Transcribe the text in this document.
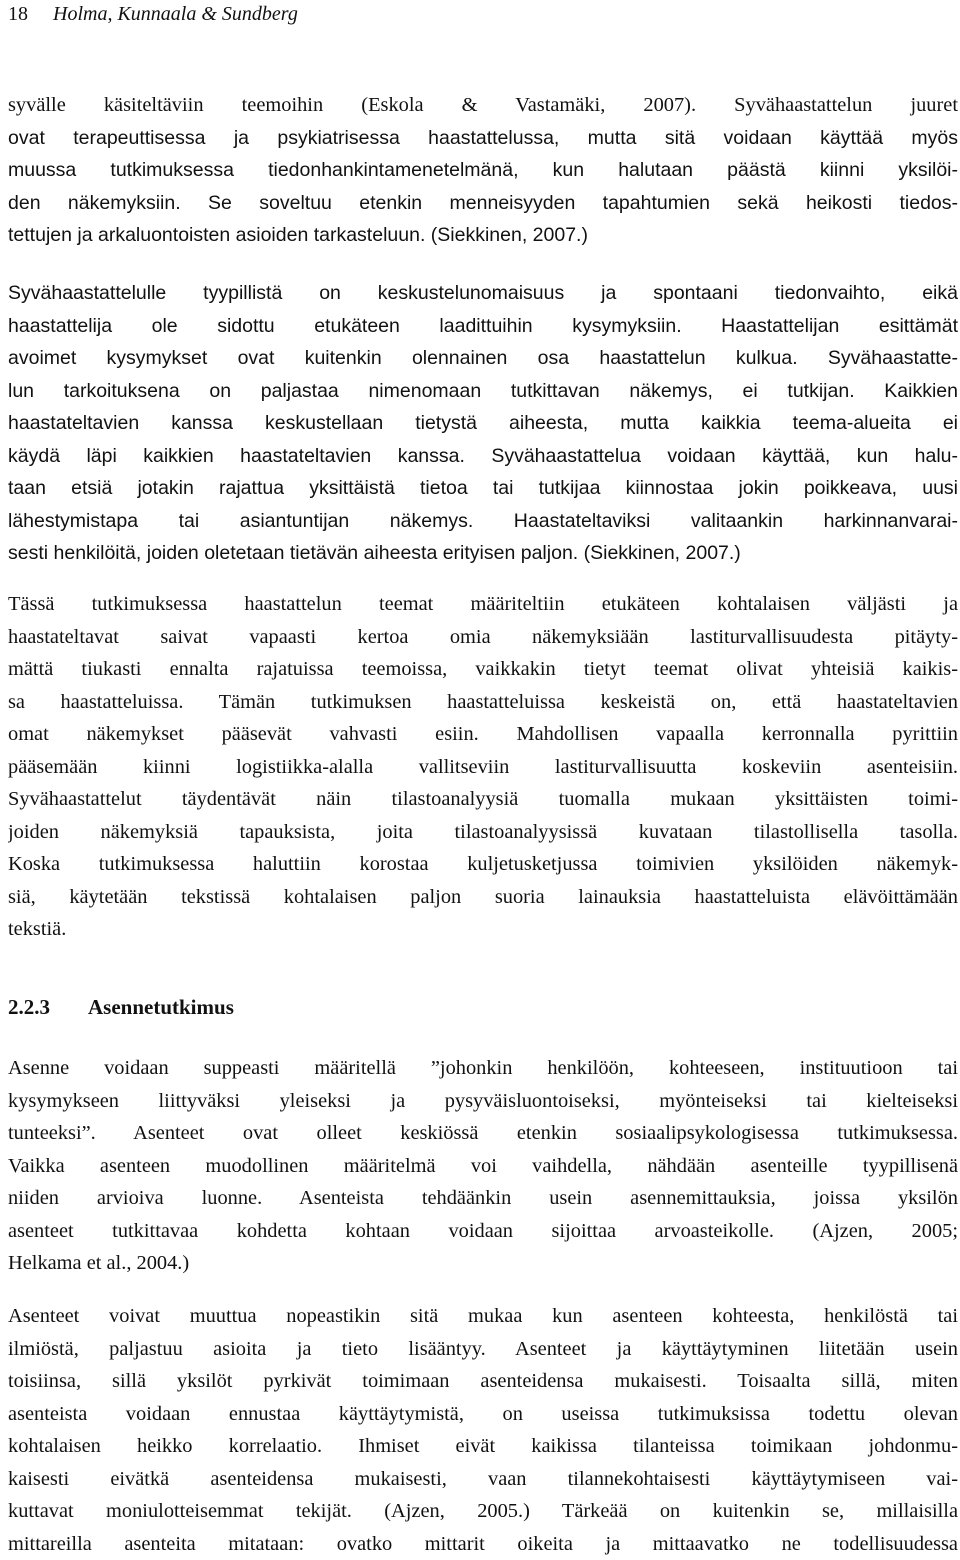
18 Holma, Kunnaala & Sundberg
syvälle käsiteltäviin teemoihin (Eskola & Vastamäki, 2007). Syvähaastattelun juuret
ovat terapeuttisessa ja psykiatrisessa haastattelussa, mutta sitä voidaan käyttää myös
muussa tutkimuksessa tiedonhankintamenetelmänä, kun halutaan päästä kiinni yksilöi-
den näkemyksiin. Se soveltuu etenkin menneisyyden tapahtumien sekä heikosti tiedos-
tettujen ja arkaluontoisten asioiden tarkasteluun. (Siekkinen, 2007.)
Syvähaastattelulle tyypillistä on keskustelunomaisuus ja spontaani tiedonvaihto, eikä
haastattelija ole sidottu etukäteen laadittuihin kysymyksiin. Haastattelijan esittämät
avoimet kysymykset ovat kuitenkin olennainen osa haastattelun kulkua. Syvähaastatte-
lun tarkoituksena on paljastaa nimenomaan tutkittavan näkemys, ei tutkijan. Kaikkien
haastateltavien kanssa keskustellaan tietystä aiheesta, mutta kaikkia teema-alueita ei
käydä läpi kaikkien haastateltavien kanssa. Syvähaastattelua voidaan käyttää, kun halu-
taan etsiä jotakin rajattua yksittäistä tietoa tai tutkijaa kiinnostaa jokin poikkeava, uusi
lähestymistapa tai asiantuntijan näkemys. Haastateltaviksi valitaankin harkinnanvarai-
sesti henkilöitä, joiden oletetaan tietävän aiheesta erityisen paljon. (Siekkinen, 2007.)
Tässä tutkimuksessa haastattelun teemat määriteltiin etukäteen kohtalaisen väljästi ja
haastateltavat saivat vapaasti kertoa omia näkemyksiään lastiturvallisuudesta pitäyty-
mättä tiukasti ennalta rajatuissa teemoissa, vaikkakin tietyt teemat olivat yhteisiä kaikis-
sa haastatteluissa. Tämän tutkimuksen haastatteluissa keskeistä on, että haastateltavien
omat näkemykset pääsevät vahvasti esiin. Mahdollisen vapaalla kerronnalla pyrittiin
pääsemään kiinni logistiikka-alalla vallitseviin lastiturvallisuutta koskeviin asenteisiin.
Syvähaastattelut täydentävät näin tilastoanalyysiä tuomalla mukaan yksittäisten toimi-
joiden näkemyksiä tapauksista, joita tilastoanalyysissä kuvataan tilastollisella tasolla.
Koska tutkimuksessa haluttiin korostaa kuljetusketjussa toimivien yksilöiden näkemyk-
siä, käytetään tekstissä kohtalaisen paljon suoria lainauksia haastatteluista elävöittämään
tekstiä.
2.2.3 Asennetutkimus
Asenne voidaan suppeasti määritellä ”johonkin henkilöön, kohteeseen, instituutioon tai
kysymykseen liittyväksi yleiseksi ja pysyväisluontoiseksi, myönteiseksi tai kielteiseksi
tunteeksi”. Asenteet ovat olleet keskiössä etenkin sosiaalipsykologisessa tutkimuksessa.
Vaikka asenteen muodollinen määritelmä voi vaihdella, nähdään asenteille tyypillisenä
niiden arvioiva luonne. Asenteista tehdäänkin usein asennemittauksia, joissa yksilön
asenteet tutkittavaa kohdetta kohtaan voidaan sijoittaa arvoasteikolle. (Ajzen, 2005;
Helkama et al., 2004.)
Asenteet voivat muuttua nopeastikin sitä mukaa kun asenteen kohteesta, henkilöstä tai
ilmiöstä, paljastuu asioita ja tieto lisääntyy. Asenteet ja käyttäytyminen liitetään usein
toisiinsa, sillä yksilöt pyrkivät toimimaan asenteidensa mukaisesti. Toisaalta sillä, miten
asenteista voidaan ennustaa käyttäytymistä, on useissa tutkimuksissa todettu olevan
kohtalaisen heikko korrelaatio. Ihmiset eivät kaikissa tilanteissa toimikaan johdonmu-
kaisesti eivätkä asenteidensa mukaisesti, vaan tilannekohtaisesti käyttäytymiseen vai-
kuttavat moniulotteisemmat tekijät. (Ajzen, 2005.) Tärkeää on kuitenkin se, millaisilla
mittareilla asenteita mitataan: ovatko mittarit oikeita ja mittaavatko ne todellisuudessa
